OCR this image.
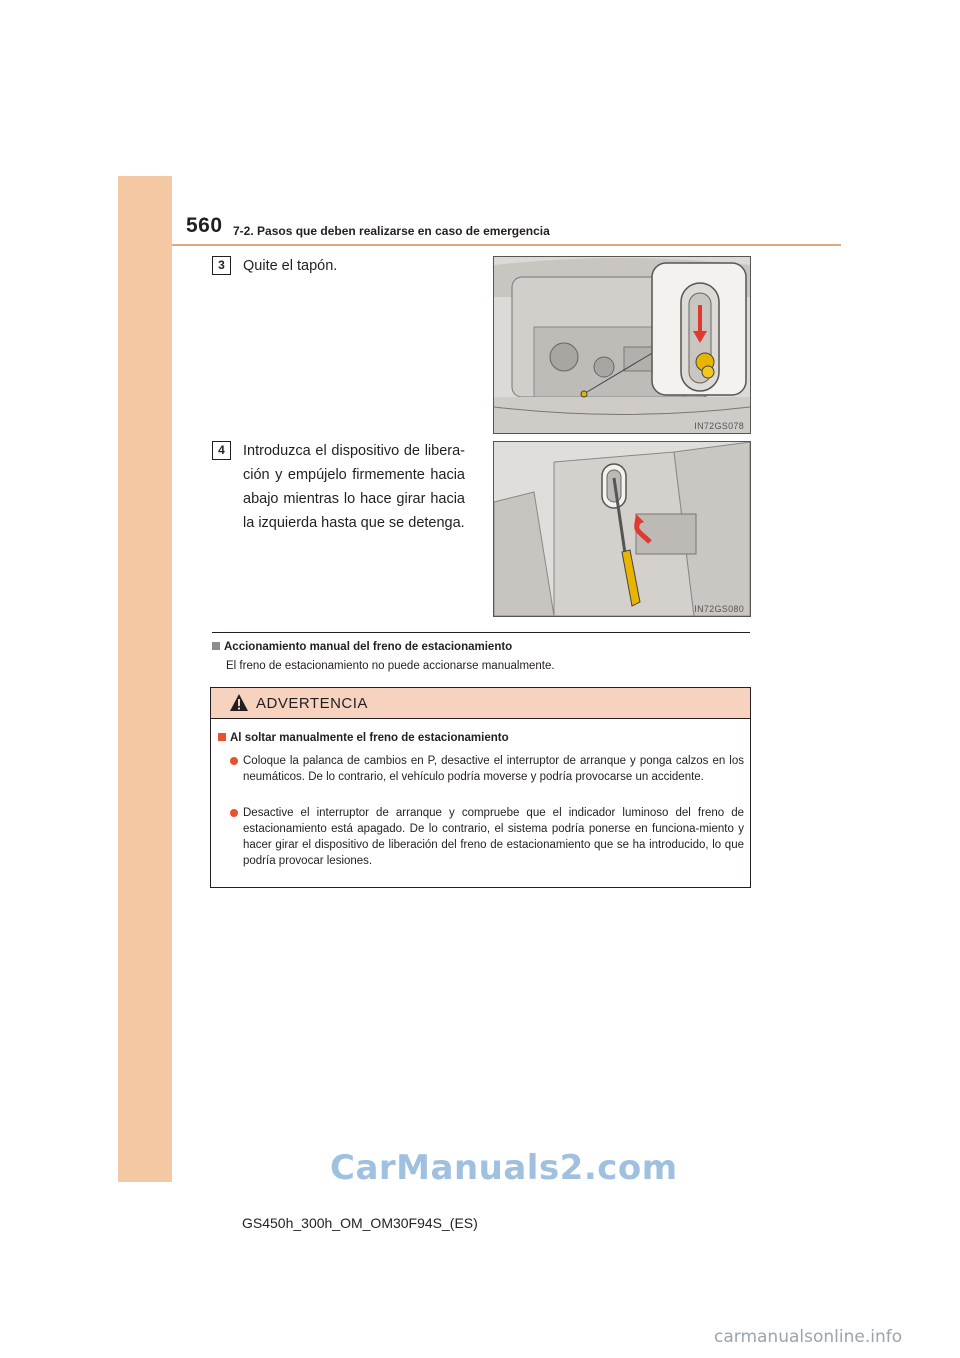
560 7-2. Pasos que deben realizarse en caso de emergencia
3	Quite el tapón.
IN72GS078
4	Introduzca el dispositivo de libera-ción y empújelo firmemente hacia abajo mientras lo hace girar hacia la izquierda hasta que se detenga.
IN72GS080
Accionamiento manual del freno de estacionamiento
El freno de estacionamiento no puede accionarse manualmente.
ADVERTENCIA
Al soltar manualmente el freno de estacionamiento
Coloque la palanca de cambios en P, desactive el interruptor de arranque y ponga calzos en los neumáticos. De lo contrario, el vehículo podría moverse y podría provocarse un accidente.
Desactive el interruptor de arranque y compruebe que el indicador luminoso del freno de estacionamiento está apagado. De lo contrario, el sistema podría ponerse en funciona-miento y hacer girar el dispositivo de liberación del freno de estacionamiento que se ha introducido, lo que podría provocar lesiones.
CarManuals2.com
GS450h_300h_OM_OM30F94S_(ES)
carmanualsonline.info
